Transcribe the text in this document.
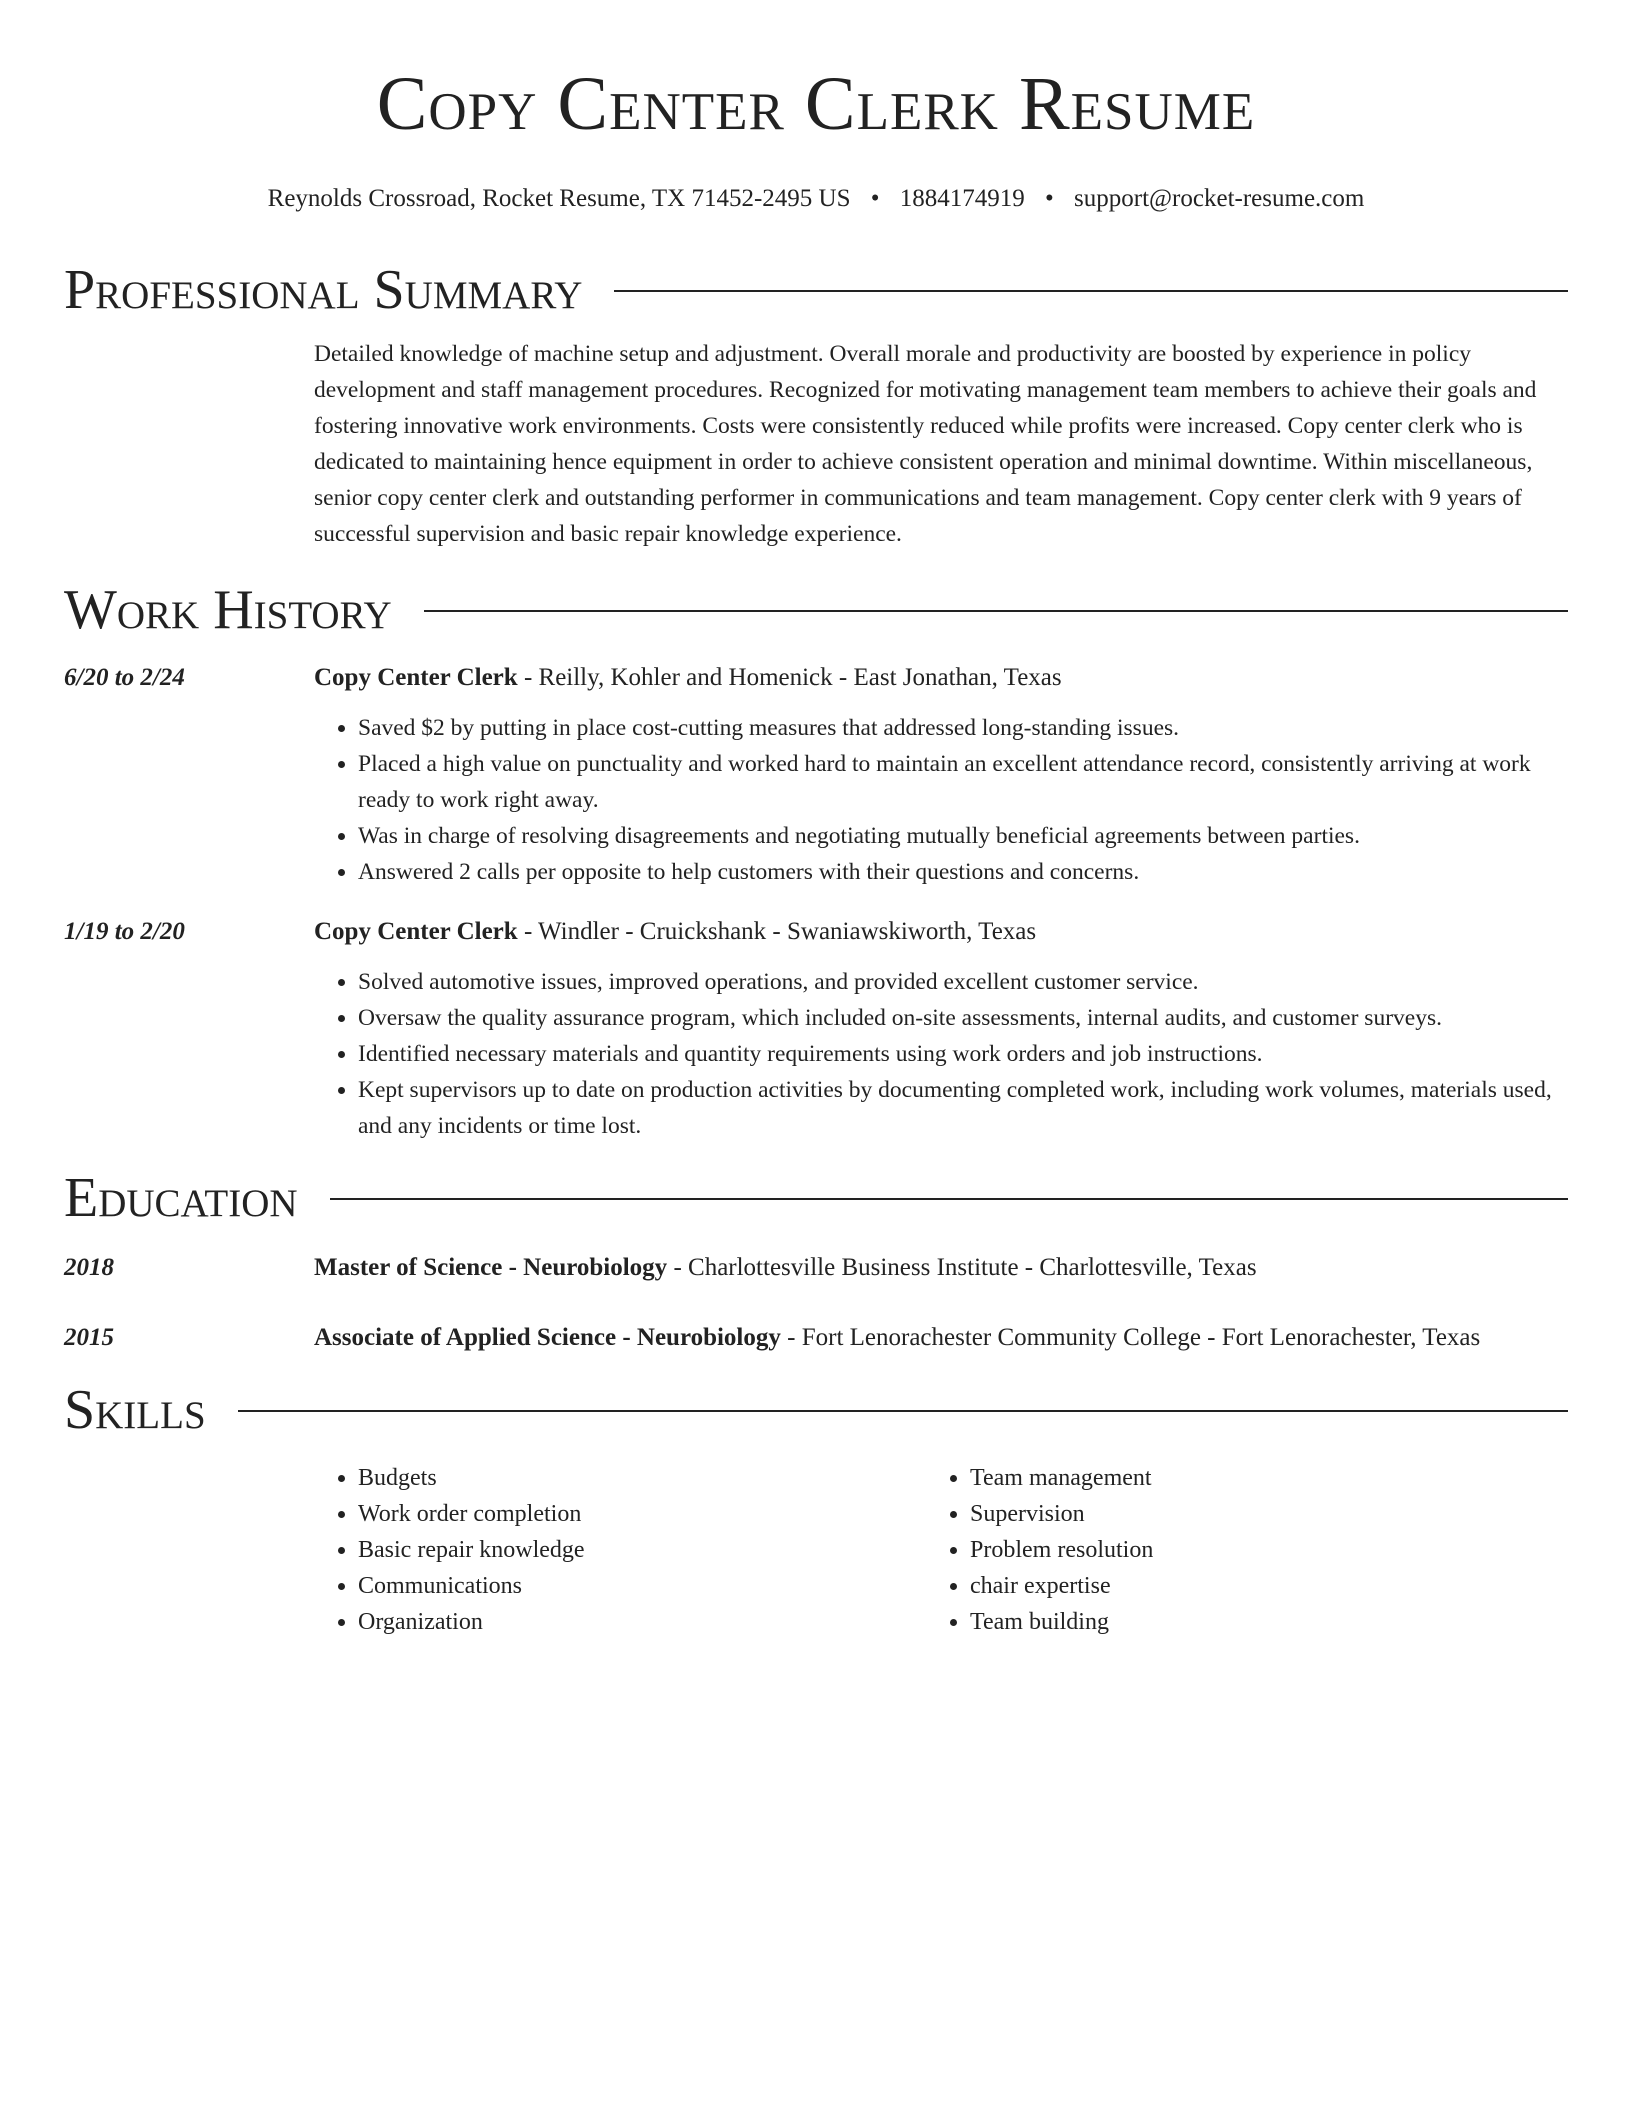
Copy Center Clerk Resume
Reynolds Crossroad, Rocket Resume, TX 71452-2495 US • 1884174919 • support@rocket-resume.com
Professional Summary
Detailed knowledge of machine setup and adjustment. Overall morale and productivity are boosted by experience in policy development and staff management procedures. Recognized for motivating management team members to achieve their goals and fostering innovative work environments. Costs were consistently reduced while profits were increased. Copy center clerk who is dedicated to maintaining hence equipment in order to achieve consistent operation and minimal downtime. Within miscellaneous, senior copy center clerk and outstanding performer in communications and team management. Copy center clerk with 9 years of successful supervision and basic repair knowledge experience.
Work History
6/20 to 2/24	Copy Center Clerk - Reilly, Kohler and Homenick - East Jonathan, Texas
• Saved $2 by putting in place cost-cutting measures that addressed long-standing issues.
• Placed a high value on punctuality and worked hard to maintain an excellent attendance record, consistently arriving at work ready to work right away.
• Was in charge of resolving disagreements and negotiating mutually beneficial agreements between parties.
• Answered 2 calls per opposite to help customers with their questions and concerns.
1/19 to 2/20	Copy Center Clerk - Windler - Cruickshank - Swaniawskiworth, Texas
• Solved automotive issues, improved operations, and provided excellent customer service.
• Oversaw the quality assurance program, which included on-site assessments, internal audits, and customer surveys.
• Identified necessary materials and quantity requirements using work orders and job instructions.
• Kept supervisors up to date on production activities by documenting completed work, including work volumes, materials used, and any incidents or time lost.
Education
2018	Master of Science - Neurobiology - Charlottesville Business Institute - Charlottesville, Texas
2015	Associate of Applied Science - Neurobiology - Fort Lenorachester Community College - Fort Lenorachester, Texas
Skills
• Budgets
• Work order completion
• Basic repair knowledge
• Communications
• Organization
• Team management
• Supervision
• Problem resolution
• chair expertise
• Team building
